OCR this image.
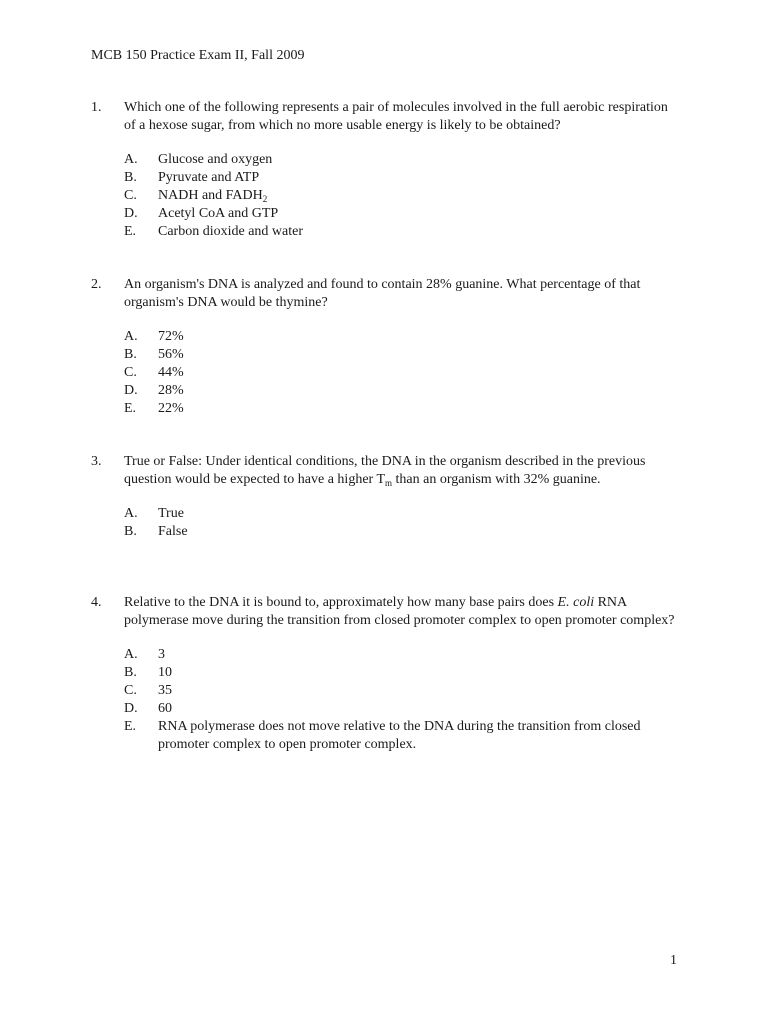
MCB 150 Practice Exam II, Fall 2009
1. Which one of the following represents a pair of molecules involved in the full aerobic respiration of a hexose sugar, from which no more usable energy is likely to be obtained?
A.	Glucose and oxygen
B.	Pyruvate and ATP
C.	NADH and $FADH_2$
D.	Acetyl CoA and GTP
E.	Carbon dioxide and water
2. An organism's DNA is analyzed and found to contain 28% guanine. What percentage of that organism's DNA would be thymine?
A.	72%
B.	56%
C.	44%
D.	28%
E.	22%
3. True or False: Under identical conditions, the DNA in the organism described in the previous question would be expected to have a higher $T_m$ than an organism with 32% guanine.
A.	True
B.	False
4. Relative to the DNA it is bound to, approximately how many base pairs does E. coli RNA polymerase move during the transition from closed promoter complex to open promoter complex?
A.	3
B.	10
C.	35
D.	60
E.	RNA polymerase does not move relative to the DNA during the transition from closed promoter complex to open promoter complex.
1
